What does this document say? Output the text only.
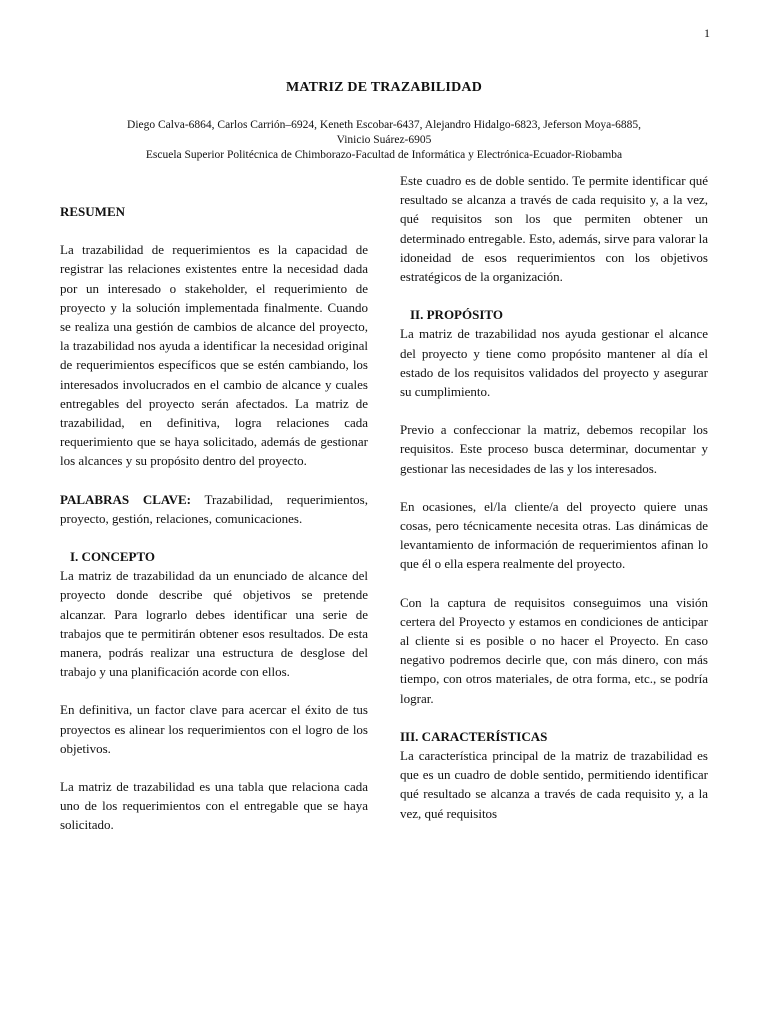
1
MATRIZ DE TRAZABILIDAD
Diego Calva-6864, Carlos Carrión–6924, Keneth Escobar-6437, Alejandro Hidalgo-6823, Jeferson Moya-6885,
Vinicio Suárez-6905
Escuela Superior Politécnica de Chimborazo-Facultad de Informática y Electrónica-Ecuador-Riobamba
RESUMEN

La trazabilidad de requerimientos es la capacidad de registrar las relaciones existentes entre la necesidad dada por un interesado o stakeholder, el requerimiento de proyecto y la solución implementada finalmente. Cuando se realiza una gestión de cambios de alcance del proyecto, la trazabilidad nos ayuda a identificar la necesidad original de requerimientos específicos que se estén cambiando, los interesados involucrados en el cambio de alcance y cuales entregables del proyecto serán afectados. La matriz de trazabilidad, en definitiva, logra relaciones cada requerimiento que se haya solicitado, además de gestionar los alcances y su propósito dentro del proyecto.

PALABRAS CLAVE: Trazabilidad, requerimientos, proyecto, gestión, relaciones, comunicaciones.

I. CONCEPTO

La matriz de trazabilidad da un enunciado de alcance del proyecto donde describe qué objetivos se pretende alcanzar. Para lograrlo debes identificar una serie de trabajos que te permitirán obtener esos resultados. De esta manera, podrás realizar una estructura de desglose del trabajo y una planificación acorde con ellos.

En definitiva, un factor clave para acercar el éxito de tus proyectos es alinear los requerimientos con el logro de los objetivos.

La matriz de trazabilidad es una tabla que relaciona cada uno de los requerimientos con el entregable que se haya solicitado.

Este cuadro es de doble sentido. Te permite identificar qué resultado se alcanza a través de cada requisito y, a la vez, qué requisitos son los que permiten obtener un determinado entregable. Esto, además, sirve para valorar la idoneidad de esos requerimientos con los objetivos estratégicos de la organización.

II. PROPÓSITO

La matriz de trazabilidad nos ayuda gestionar el alcance del proyecto y tiene como propósito mantener al día el estado de los requisitos validados del proyecto y asegurar su cumplimiento.

Previo a confeccionar la matriz, debemos recopilar los requisitos. Este proceso busca determinar, documentar y gestionar las necesidades de las y los interesados.

En ocasiones, el/la cliente/a del proyecto quiere unas cosas, pero técnicamente necesita otras. Las dinámicas de levantamiento de información de requerimientos afinan lo que él o ella espera realmente del proyecto.

Con la captura de requisitos conseguimos una visión certera del Proyecto y estamos en condiciones de anticipar al cliente si es posible o no hacer el Proyecto. En caso negativo podremos decirle que, con más dinero, con más tiempo, con otros materiales, de otra forma, etc., se podría lograr.

III. CARACTERÍSTICAS

La característica principal de la matriz de trazabilidad es que es un cuadro de doble sentido, permitiendo identificar qué resultado se alcanza a través de cada requisito y, a la vez, qué requisitos
